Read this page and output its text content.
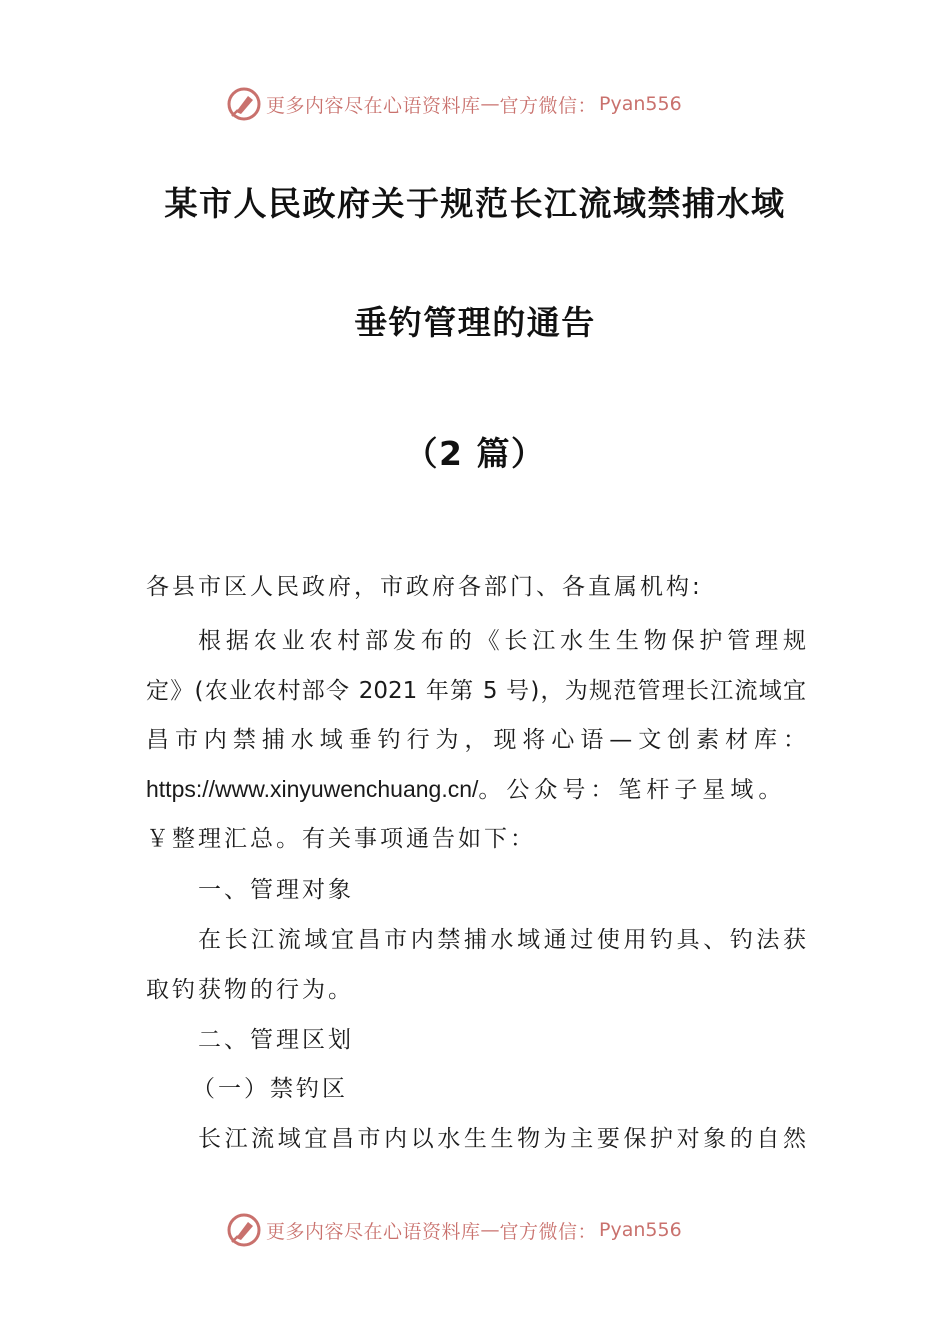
更多内容尽在心语资料库 — 官方微信： Pyan556
某市人民政府关于规范长江流域禁捕水域
垂钓管理的通告
（2 篇）
各县市区人民政府，市政府各部门、各直属机构:
根据农业农村部发布的《长江水生生物保护管理规
定》(农业农村部令 2021 年第 5 号)，为规范管理长江流域宜
昌市内禁捕水域垂钓行为，现将心语—文创素材库：
https://www.xinyuwenchuang.cn/。公众号：笔杆子星域。
￥整理汇总。有关事项通告如下：
一、管理对象
在长江流域宜昌市内禁捕水域通过使用钓具、钓法获
取钓获物的行为。
二、管理区划
（一）禁钓区
长江流域宜昌市内以水生生物为主要保护对象的自然
更多内容尽在心语资料库 — 官方微信： Pyan556
